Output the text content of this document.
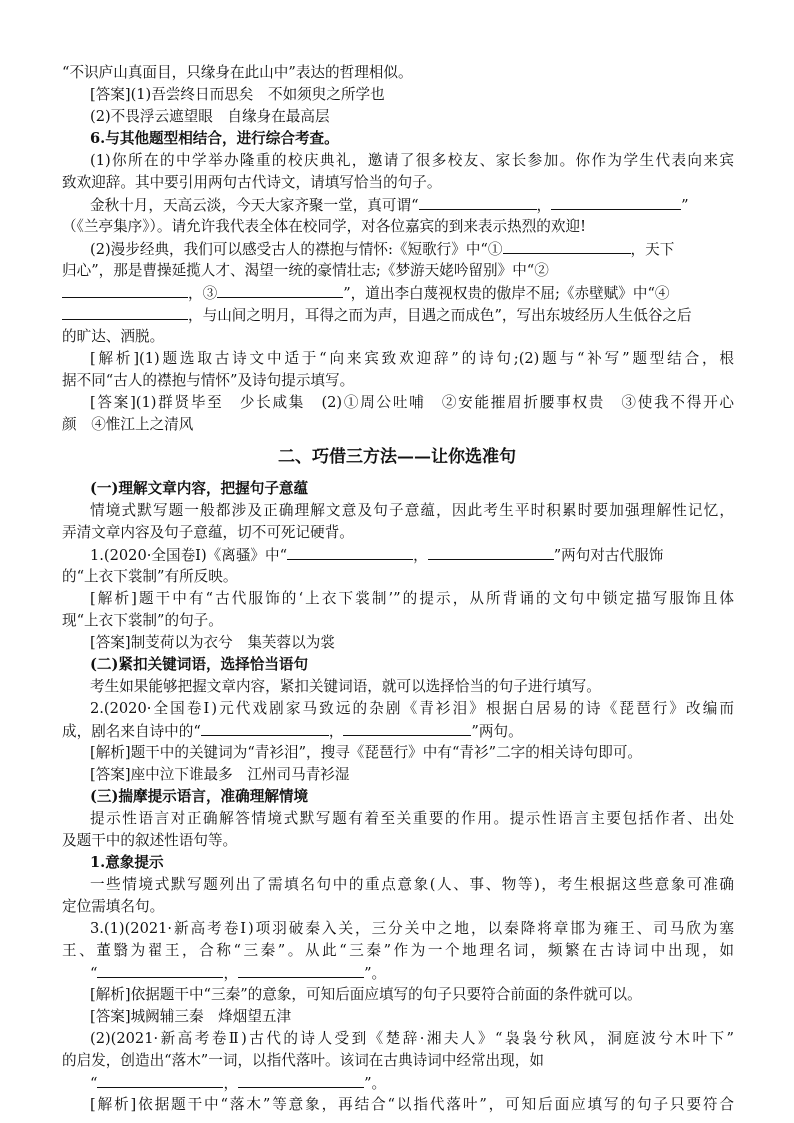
“不识庐山真面目，只缘身在此山中”表达的哲理相似。
[答案](1)吾尝终日而思矣　不如须臾之所学也
(2)不畏浮云遮望眼　自缘身在最高层
6.与其他题型相结合，进行综合考查。
(1)你所在的中学举办隆重的校庆典礼，邀请了很多校友、家长参加。你作为学生代表向来宾
致欢迎辞。其中要引用两句古代诗文，请填写恰当的句子。
金秋十月，天高云淡，今天大家齐聚一堂，真可谓“	，	”
（《兰亭集序》）。请允许我代表全体在校同学，对各位嘉宾的到来表示热烈的欢迎!
(2)漫步经典，我们可以感受古人的襟抱与情怀:《短歌行》中“①	，天下
归心”，那是曹操延揽人才、渴望一统的豪情壮志;《梦游天姥吟留别》中“②
，③	”，道出李白蔑视权贵的傲岸不屈;《赤壁赋》中“④
，与山间之明月，耳得之而为声，目遇之而成色”，写出东坡经历人生低谷之后
的旷达、洒脱。
[解析](1)题选取古诗文中适于“向来宾致欢迎辞”的诗句;(2)题与“补写”题型结合，根
据不同“古人的襟抱与情怀”及诗句提示填写。
[答案](1)群贤毕至　少长咸集　(2)①周公吐哺　②安能摧眉折腰事权贵　③使我不得开心
颜　④惟江上之清风
二、巧借三方法——让你选准句
(一)理解文章内容，把握句子意蕴
情境式默写题一般都涉及正确理解文意及句子意蕴，因此考生平时积累时要加强理解性记忆，
弄清文章内容及句子意蕴，切不可死记硬背。
1.(2020·全国卷Ⅰ)《离骚》中“	，	”两句对古代服饰
的“上衣下裳制”有所反映。
[解析]题干中有“古代服饰的‘上衣下裳制’”的提示，从所背诵的文句中锁定描写服饰且体
现“上衣下裳制”的句子。
[答案]制芰荷以为衣兮　集芙蓉以为裳
(二)紧扣关键词语，选择恰当语句
考生如果能够把握文章内容，紧扣关键词语，就可以选择恰当的句子进行填写。
2.(2020·全国卷Ⅰ)元代戏剧家马致远的杂剧《青衫泪》根据白居易的诗《琵琶行》改编而
成，剧名来自诗中的“	，	”两句。
[解析]题干中的关键词为“青衫泪”，搜寻《琵琶行》中有“青衫”二字的相关诗句即可。
[答案]座中泣下谁最多　江州司马青衫湿
(三)揣摩提示语言，准确理解情境
提示性语言对正确解答情境式默写题有着至关重要的作用。提示性语言主要包括作者、出处
及题干中的叙述性语句等。
1.意象提示
一些情境式默写题列出了需填名句中的重点意象(人、事、物等)，考生根据这些意象可准确
定位需填名句。
3.(1)(2021·新高考卷Ⅰ)项羽破秦入关，三分关中之地，以秦降将章邯为雍王、司马欣为塞
王、董翳为翟王，合称“三秦”。从此“三秦”作为一个地理名词，频繁在古诗词中出现，如
“	，	”。
[解析]依据题干中“三秦”的意象，可知后面应填写的句子只要符合前面的条件就可以。
[答案]城阙辅三秦　烽烟望五津
(2)(2021·新高考卷Ⅱ)古代的诗人受到《楚辞·湘夫人》“袅袅兮秋风，洞庭波兮木叶下”
的启发，创造出“落木”一词，以指代落叶。该词在古典诗词中经常出现，如
“	，	”。
[解析]依据题干中“落木”等意象，再结合“以指代落叶”，可知后面应填写的句子只要符合
